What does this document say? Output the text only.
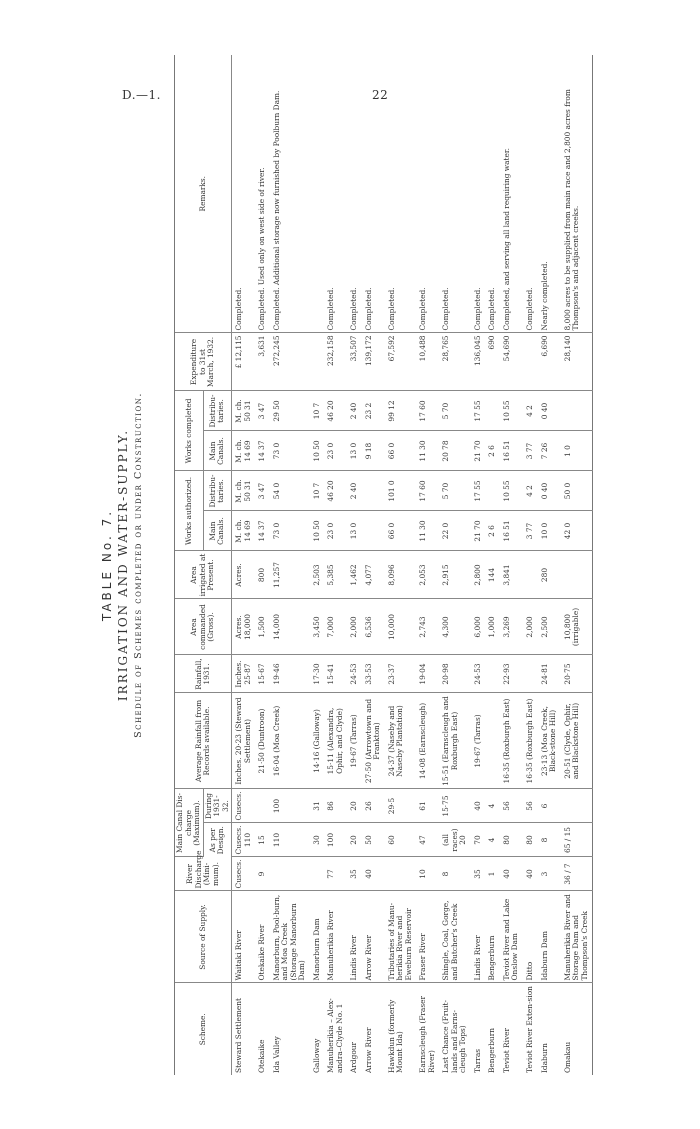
D.—1.	22
TABLE No. 7. IRRIGATION AND WATER-SUPPLY. Schedule of Schemes completed or under Construction.
Scheme.	Source of Supply.	River Discharge (Mini-mum).	Main Canal Dis-charge (Maximum).		Average Rainfall from Records available.	Rainfall, 1931.	Area commanded (Gross).	Area irrigated at Present.	Works authorized.		Works completed		Expenditure to 31st March, 1932.	Remarks.
			As per Design.	During 1931-32.					Main Canals.	Distribu-taries.	Main Canals.	Distribu-taries.		
Steward Settlement	Waitaki River	Cusecs.	Cusecs. 110	Cusecs.	Inches. 20·23 (Steward Settlement)	Inches. 25·87	Acres. 18,000	Acres.	M. ch. 14 69	M. ch. 50 31	M. ch. 14 69	M. ch. 50 31	£ 12,115	Completed.
Otekaike	Otekaike River	9	15		21·50 (Duntroon)	15·67	1,500	800	14 37	3 47	14 37	3 47	3,631	Completed. Used only on west side of river.
Ida Valley	Manorburn, Pool-burn, and Moa Creek (Storage Manorburn Dam)		110	100	16·04 (Moa Creek)	19·46	14,000	11,257	73 0	54 0	73 0	29 50	272,245	Completed. Additional storage now furnished by Poolburn Dam.
Galloway	Manorburn Dam		30	31	14·16 (Galloway)	17·30	3,450	2,503	10 50	10 7	10 50	10 7		
Manuherikia – Alex-andra–Clyde No. 1	Manuherikia River	77	100	86	15·11 (Alexandra, Ophir, and Clyde)	15·41	7,000	5,385	23 0	46 20	23 0	46 20	232,158	Completed.
Ardgour	Lindis River	35	20	20	19·67 (Tarras)	24·53	2,000	1,462	13 0	2 40	13 0	2 40	33,507	Completed.
Arrow River	Arrow River	40	50	26	27·50 (Arrowtown and Frankton)	33·53	6,536	4,077			9 18	23 2	139,172	Completed.
Hawkdun (formerly Mount Ida)	Tributaries of Manu-herikia River and Eweburn Reservoir		60	29·5	24·37 (Naseby and Naseby Plantation)	23·37	10,000	8,096	66 0	101 0	66 0	99 12	67,592	Completed.
Earnscleugh (Fraser River)	Fraser River	10	47	61	14·08 (Earnscleugh)	19·04	2,743	2,053	11 30	17 60	11 30	17 60	10,488	Completed.
Last Chance (Fruit-lands and Earns-cleugh Tops)	Shingle, Coal, Gorge, and Butcher's Creek	8	(all races) 20	15·75	15·51 (Earnscleugh and Roxburgh East)	20·98	4,300	2,915	22 0	5 70	20 78	5 70	28,765	Completed.
Tarras	Lindis River	35	70	40	19·67 (Tarras)	24·53	6,000	2,800	21 70	17 55	21 70	17 55	136,045	Completed.
Bengerburn	Bengerburn	1	4	4			1,000	144	2 6		2 6		690	Completed.
Teviot River	Teviot River and Lake Onslow Dam	40	80	56	16·35 (Roxburgh East)	22·93	3,269	3,841	16 51	10 55	16 51	10 55	54,690	Completed, and serving all land requiring water.
Teviot River Exten-sion	Ditto	40	80	56	16·35 (Roxburgh East)		2,000		3 77	4 2	3 77	4 2		Completed.
Idaburn	Idaburn Dam	3	8	6	23·13 (Moa Creek, Black-stone Hill)	24·81	2,500	280	10 0	0 40	7 26	0 40	6,690	Nearly completed.
Omakau	Manuherikia River and Storage Dam and Thompson's Creek	36 / 7	65 / 15		20·51 (Clyde, Ophir, and Blackstone Hill)	20·75	10,800 (irrigable)		42 0	50 0	1 0		28,140	8,000 acres to be supplied from main race and 2,800 acres from Thompson's and adjacent creeks.
